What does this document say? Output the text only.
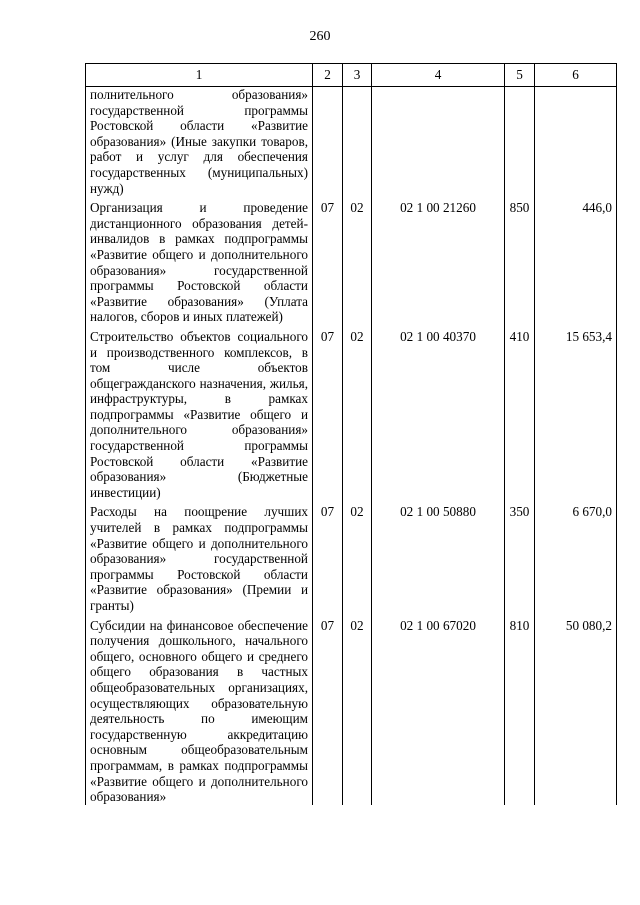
260
1	2	3	4	5	6
полнительного образования» государственной программы Ростовской области «Развитие образования» (Иные закупки товаров, работ и услуг для обеспечения государственных (муниципальных) нужд)					

Организация и проведение дистанционного образования детей-инвалидов в рамках подпрограммы «Развитие общего и дополнительного образования» государственной программы Ростовской области «Развитие образования» (Уплата налогов, сборов и иных платежей)	07	02	02 1 00 21260	850	446,0

Строительство объектов социального и производственного комплексов, в том числе объектов общегражданского назначения, жилья, инфраструктуры, в рамках подпрограммы «Развитие общего и дополнительного образования» государственной программы Ростовской области «Развитие образования» (Бюджетные инвестиции)	07	02	02 1 00 40370	410	15 653,4

Расходы на поощрение лучших учителей в рамках подпрограммы «Развитие общего и дополнительного образования» государственной программы Ростовской области «Развитие образования» (Премии и гранты)	07	02	02 1 00 50880	350	6 670,0

Субсидии на финансовое обеспечение получения дошкольного, начального общего, основного общего и среднего общего образования в частных общеобразовательных организациях, осуществляющих образовательную деятельность по имеющим государственную аккредитацию основным общеобразовательным программам, в рамках подпрограммы «Развитие общего и дополнительного образования»	07	02	02 1 00 67020	810	50 080,2
